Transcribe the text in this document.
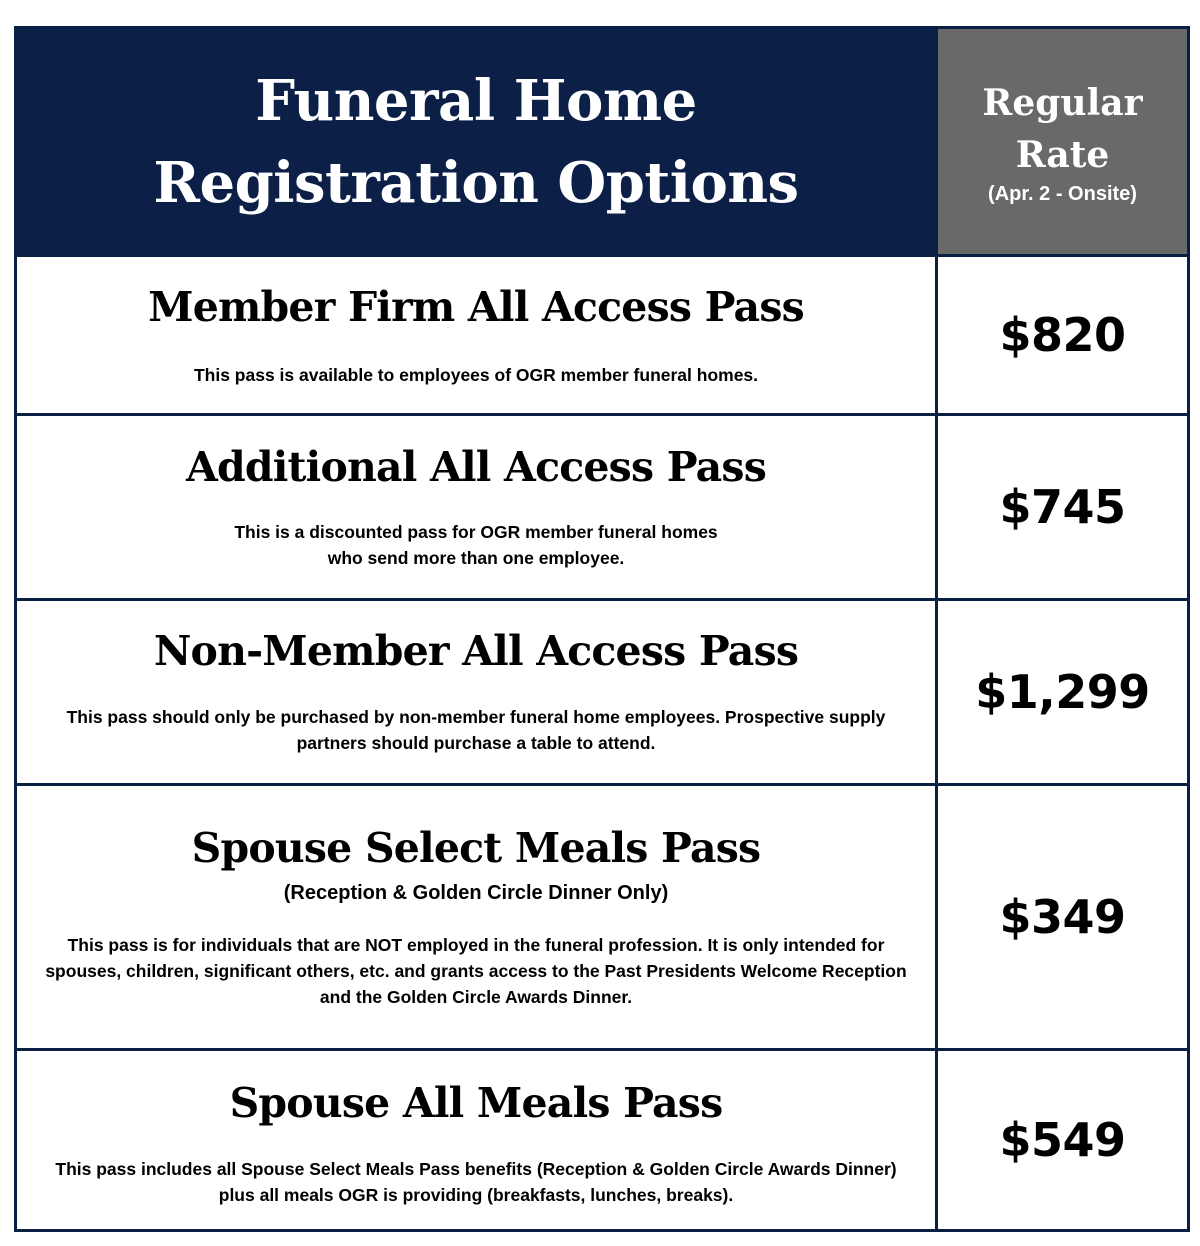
Funeral Home
Registration Options
Regular
Rate
(Apr. 2 - Onsite)
Member Firm All Access Pass
This pass is available to employees of OGR member funeral homes.
$820
Additional All Access Pass
This is a discounted pass for OGR member funeral homes
who send more than one employee.
$745
Non-Member All Access Pass
This pass should only be purchased by non-member funeral home employees. Prospective supply
partners should purchase a table to attend.
$1,299
Spouse Select Meals Pass
(Reception & Golden Circle Dinner Only)
This pass is for individuals that are NOT employed in the funeral profession. It is only intended for
spouses, children, significant others, etc. and grants access to the Past Presidents Welcome Reception
and the Golden Circle Awards Dinner.
$349
Spouse All Meals Pass
This pass includes all Spouse Select Meals Pass benefits (Reception & Golden Circle Awards Dinner)
plus all meals OGR is providing (breakfasts, lunches, breaks).
$549
